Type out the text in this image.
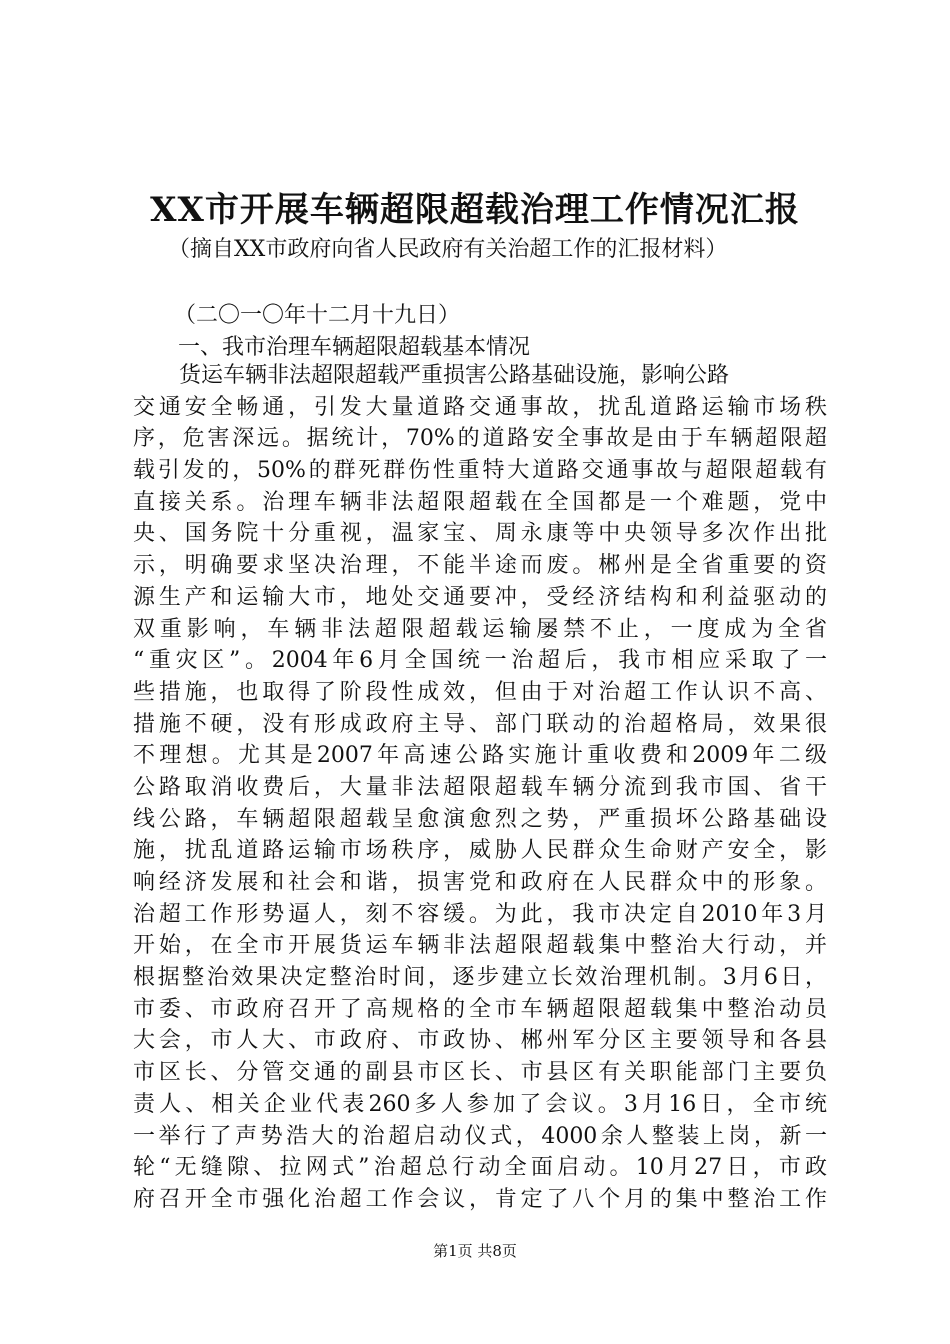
XX市开展车辆超限超载治理工作情况汇报
（摘自XX市政府向省人民政府有关治超工作的汇报材料）
（二〇一〇年十二月十九日）
一、我市治理车辆超限超载基本情况
货运车辆非法超限超载严重损害公路基础设施，影响公路
交通安全畅通，引发大量道路交通事故，扰乱道路运输市场秩
序，危害深远。据统计，70%的道路安全事故是由于车辆超限超
载引发的，50%的群死群伤性重特大道路交通事故与超限超载有
直接关系。治理车辆非法超限超载在全国都是一个难题，党中
央、国务院十分重视，温家宝、周永康等中央领导多次作出批
示，明确要求坚决治理，不能半途而废。郴州是全省重要的资
源生产和运输大市，地处交通要冲，受经济结构和利益驱动的
双重影响，车辆非法超限超载运输屡禁不止，一度成为全省
“重灾区”。2004年6月全国统一治超后，我市相应采取了一
些措施，也取得了阶段性成效，但由于对治超工作认识不高、
措施不硬，没有形成政府主导、部门联动的治超格局，效果很
不理想。尤其是2007年高速公路实施计重收费和2009年二级
公路取消收费后，大量非法超限超载车辆分流到我市国、省干
线公路，车辆超限超载呈愈演愈烈之势，严重损坏公路基础设
施，扰乱道路运输市场秩序，威胁人民群众生命财产安全，影
响经济发展和社会和谐，损害党和政府在人民群众中的形象。
治超工作形势逼人，刻不容缓。为此，我市决定自2010年3月
开始，在全市开展货运车辆非法超限超载集中整治大行动，并
根据整治效果决定整治时间，逐步建立长效治理机制。3月6日，
市委、市政府召开了高规格的全市车辆超限超载集中整治动员
大会，市人大、市政府、市政协、郴州军分区主要领导和各县
市区长、分管交通的副县市区长、市县区有关职能部门主要负
责人、相关企业代表260多人参加了会议。3月16日，全市统
一举行了声势浩大的治超启动仪式，4000余人整装上岗，新一
轮“无缝隙、拉网式”治超总行动全面启动。10月27日，市政
府召开全市强化治超工作会议，肯定了八个月的集中整治工作
第1页 共8页
